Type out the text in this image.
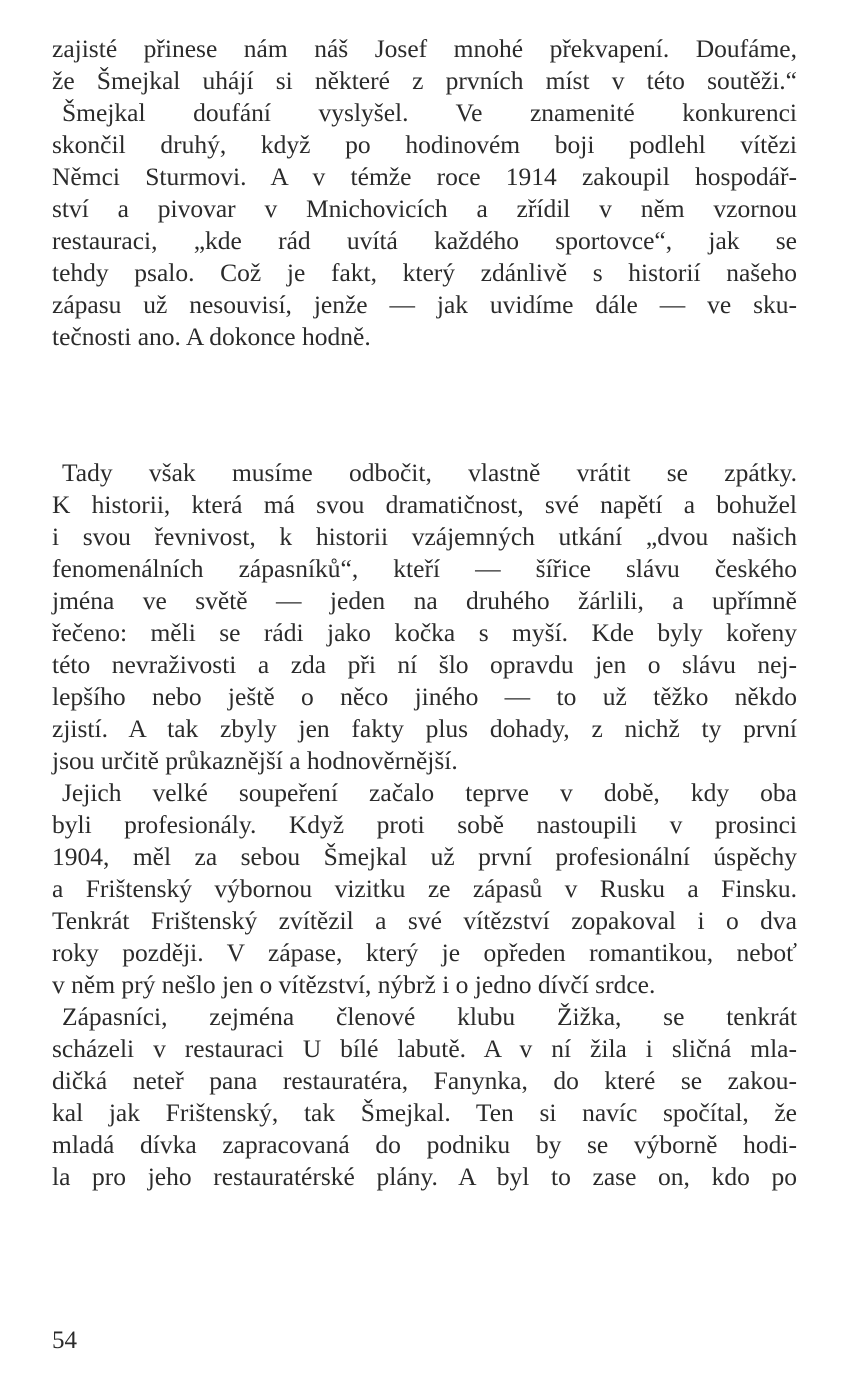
zajisté přinese nám náš Josef mnohé překvapení. Doufáme,
že Šmejkal uhájí si některé z prvních míst v této soutěži.“
Šmejkal doufání vyslyšel. Ve znamenité konkurenci
skončil druhý, když po hodinovém boji podlehl vítězi
Němci Sturmovi. A v témže roce 1914 zakoupil hospodář-
ství a pivovar v Mnichovicích a zřídil v něm vzornou
restauraci, „kde rád uvítá každého sportovce“, jak se
tehdy psalo. Což je fakt, který zdánlivě s historií našeho
zápasu už nesouvisí, jenže — jak uvidíme dále — ve sku-
tečnosti ano. A dokonce hodně.
Tady však musíme odbočit, vlastně vrátit se zpátky.
K historii, která má svou dramatičnost, své napětí a bohužel
i svou řevnivost, k historii vzájemných utkání „dvou našich
fenomenálních zápasníků“, kteří — šířice slávu českého
jména ve světě — jeden na druhého žárlili, a upřímně
řečeno: měli se rádi jako kočka s myší. Kde byly kořeny
této nevraživosti a zda při ní šlo opravdu jen o slávu nej-
lepšího nebo ještě o něco jiného — to už těžko někdo
zjistí. A tak zbyly jen fakty plus dohady, z nichž ty první
jsou určitě průkaznější a hodnověrnější.
Jejich velké soupeření začalo teprve v době, kdy oba
byli profesionály. Když proti sobě nastoupili v prosinci
1904, měl za sebou Šmejkal už první profesionální úspěchy
a Frištenský výbornou vizitku ze zápasů v Rusku a Finsku.
Tenkrát Frištenský zvítězil a své vítězství zopakoval i o dva
roky později. V zápase, který je opředen romantikou, neboť
v něm prý nešlo jen o vítězství, nýbrž i o jedno dívčí srdce.
Zápasníci, zejména členové klubu Žižka, se tenkrát
scházeli v restauraci U bílé labutě. A v ní žila i sličná mla-
dičká neteř pana restauratéra, Fanynka, do které se zakou-
kal jak Frištenský, tak Šmejkal. Ten si navíc spočítal, že
mladá dívka zapracovaná do podniku by se výborně hodi-
la pro jeho restauratérské plány. A byl to zase on, kdo po
54
